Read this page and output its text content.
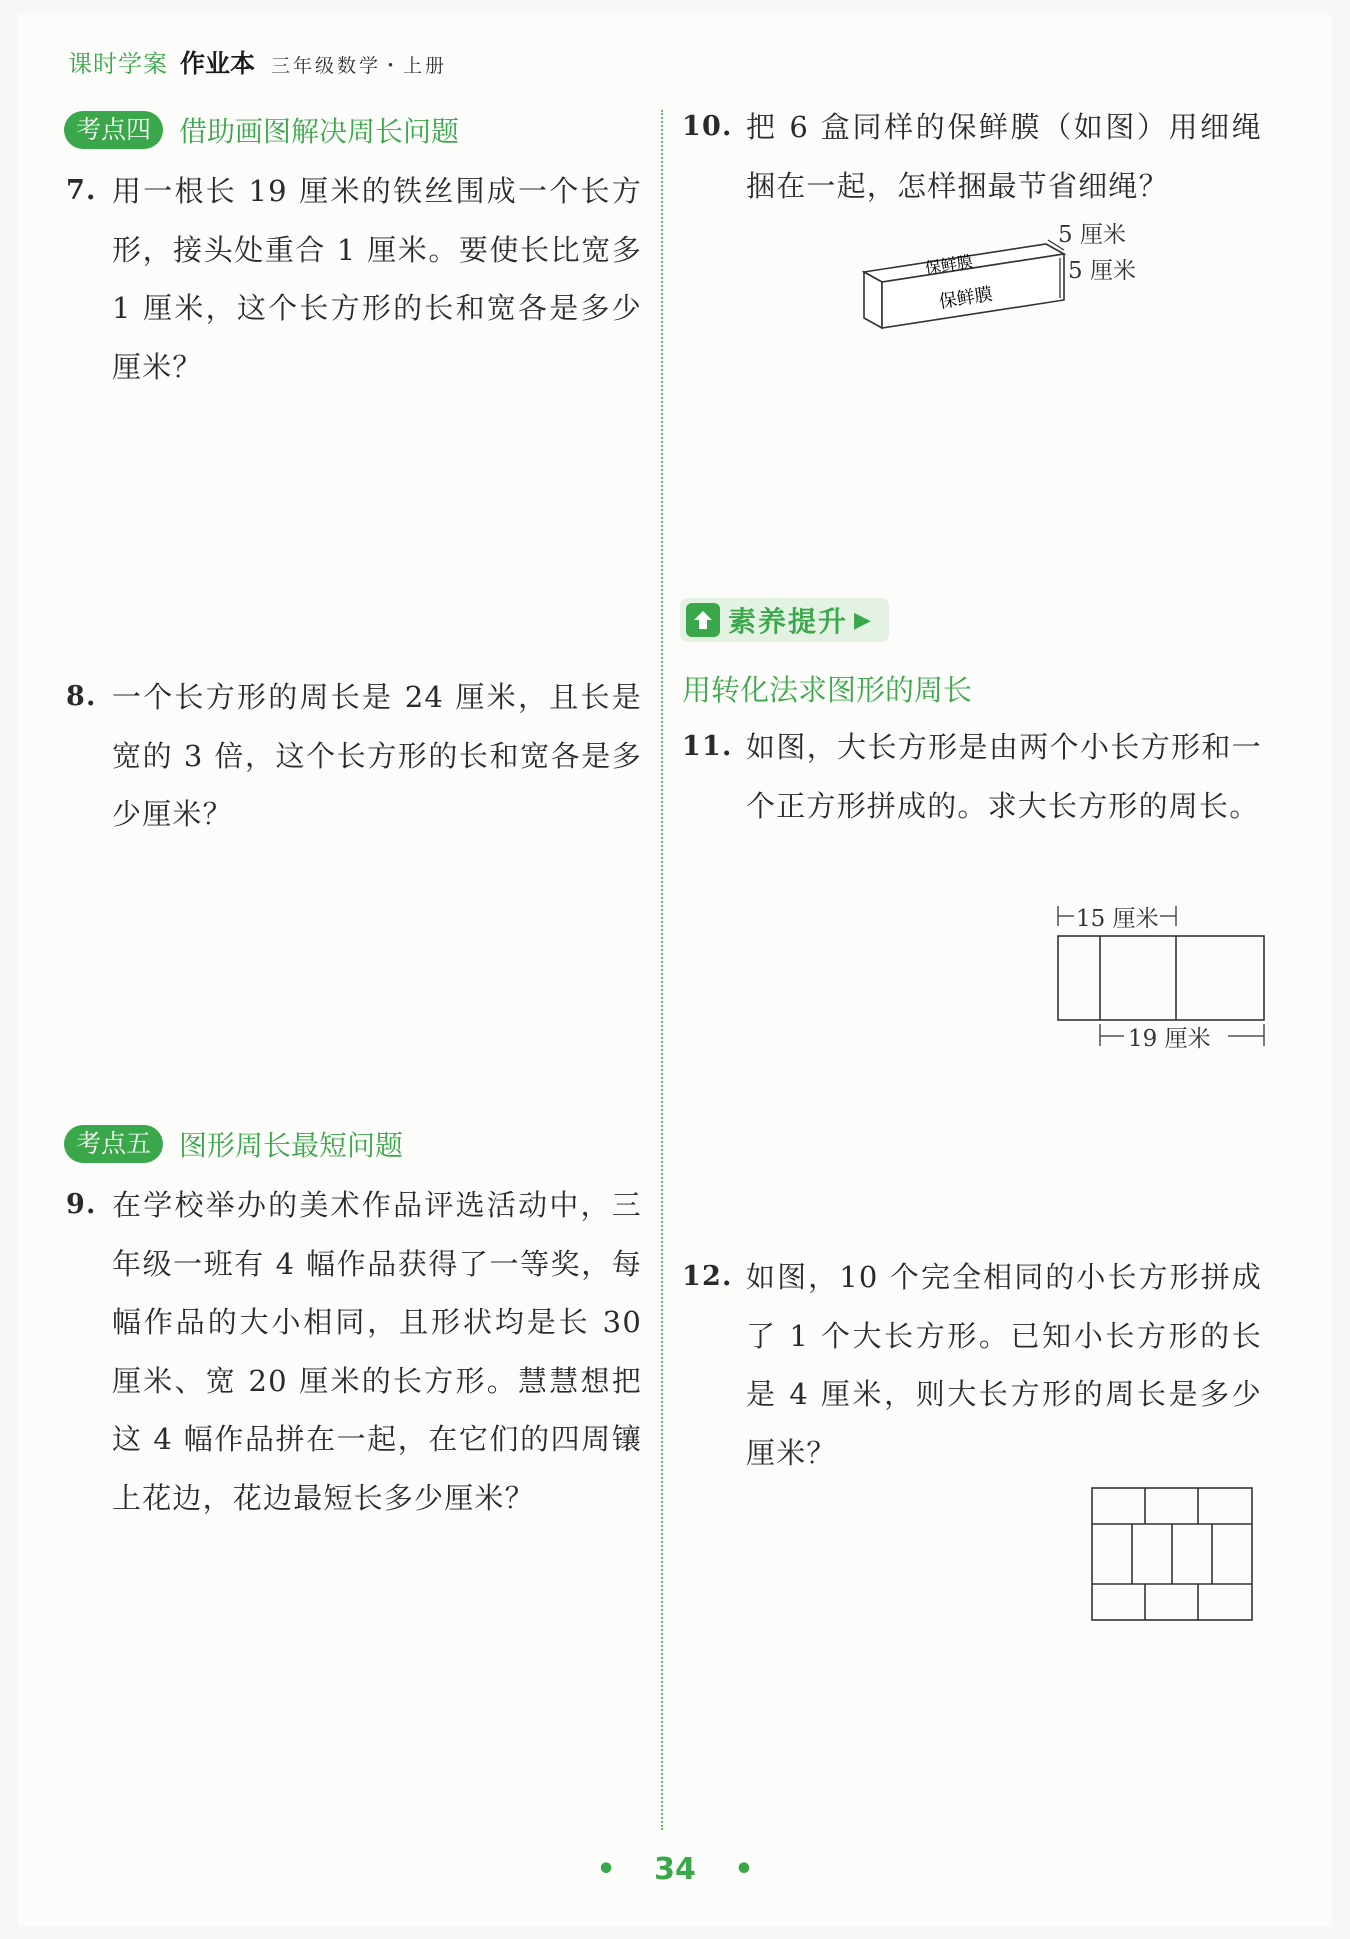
课时学案 作业本 三年级数学・上册
考点四	借助画图解决周长问题
7. 用一根长 19 厘米的铁丝围成一个长方形，接头处重合 1 厘米。要使长比宽多 1 厘米，这个长方形的长和宽各是多少厘米？
8. 一个长方形的周长是 24 厘米，且长是宽的 3 倍，这个长方形的长和宽各是多少厘米？
考点五	图形周长最短问题
9. 在学校举办的美术作品评选活动中，三年级一班有 4 幅作品获得了一等奖，每幅作品的大小相同，且形状均是长 30 厘米、宽 20 厘米的长方形。慧慧想把这 4 幅作品拼在一起，在它们的四周镶上花边，花边最短长多少厘米？
10. 把 6 盒同样的保鲜膜（如图）用细绳捆在一起，怎样捆最节省细绳？
保鲜膜
保鲜膜
5 厘米
5 厘米
素养提升 ▶
用转化法求图形的周长
11. 如图，大长方形是由两个小长方形和一个正方形拼成的。求大长方形的周长。
15 厘米
19 厘米
12. 如图，10 个完全相同的小长方形拼成了 1 个大长方形。已知小长方形的长是 4 厘米，则大长方形的周长是多少厘米？
• 34 •
